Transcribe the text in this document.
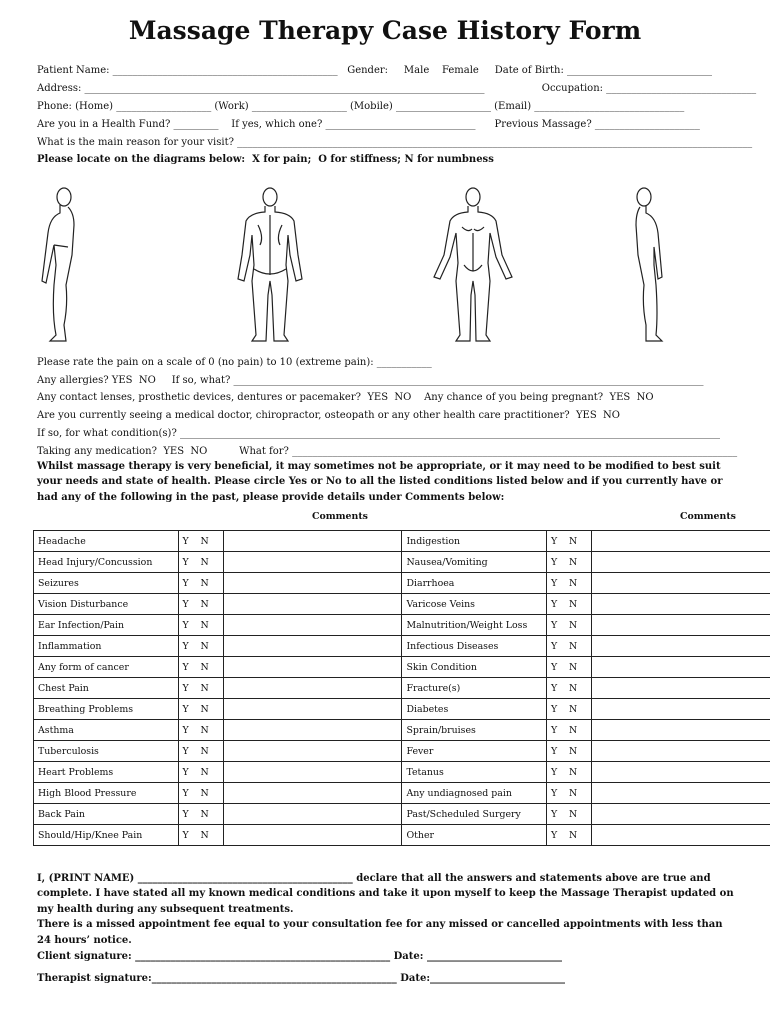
Massage Therapy Case History Form
Patient Name: _____________________________________________   Gender:     Male    Female     Date of Birth: _____________________________
Address: ________________________________________________________________________________                  Occupation: ______________________________
Phone: (Home) ___________________ (Work) ___________________ (Mobile) ___________________ (Email) ______________________________
Are you in a Health Fund? _________    If yes, which one? ______________________________      Previous Massage? _____________________
What is the main reason for your visit? _______________________________________________________________________________________________________
Please locate on the diagrams below:  X for pain;  O for stiffness; N for numbness
Please rate the pain on a scale of 0 (no pain) to 10 (extreme pain): ___________
Any allergies? YES  NO     If so, what? ______________________________________________________________________________________________
Any contact lenses, prosthetic devices, dentures or pacemaker?  YES  NO    Any chance of you being pregnant?  YES  NO
Are you currently seeing a medical doctor, chiropractor, osteopath or any other health care practitioner?  YES  NO
If so, for what condition(s)? ____________________________________________________________________________________________________________
Taking any medication?  YES  NO          What for? _________________________________________________________________________________________
Whilst massage therapy is very beneficial, it may sometimes not be appropriate, or it may need to be modified to best suit
your needs and state of health. Please circle Yes or No to all the listed conditions listed below and if you currently have or
had any of the following in the past, please provide details under Comments below:
Comments	Comments
Headache	Y N		Indigestion	Y N	
Head Injury/Concussion	Y N		Nausea/Vomiting	Y N	
Seizures	Y N		Diarrhoea	Y N	
Vision Disturbance	Y N		Varicose Veins	Y N	
Ear Infection/Pain	Y N		Malnutrition/Weight Loss	Y N	
Inflammation	Y N		Infectious Diseases	Y N	
Any form of cancer	Y N		Skin Condition	Y N	
Chest Pain	Y N		Fracture(s)	Y N	
Breathing Problems	Y N		Diabetes	Y N	
Asthma	Y N		Sprain/bruises	Y N	
Tuberculosis	Y N		Fever	Y N	
Heart Problems	Y N		Tetanus	Y N	
High Blood Pressure	Y N		Any undiagnosed pain	Y N	
Back Pain	Y N		Past/Scheduled Surgery	Y N	
Should/Hip/Knee Pain	Y N		Other	Y N	
I, (PRINT NAME) ___________________________________________ declare that all the answers and statements above are true and
complete. I have stated all my known medical conditions and take it upon myself to keep the Massage Therapist updated on
my health during any subsequent treatments.
There is a missed appointment fee equal to your consultation fee for any missed or cancelled appointments with less than
24 hours’ notice.
Client signature: ___________________________________________________ Date: ___________________________
Therapist signature:_________________________________________________ Date:___________________________
